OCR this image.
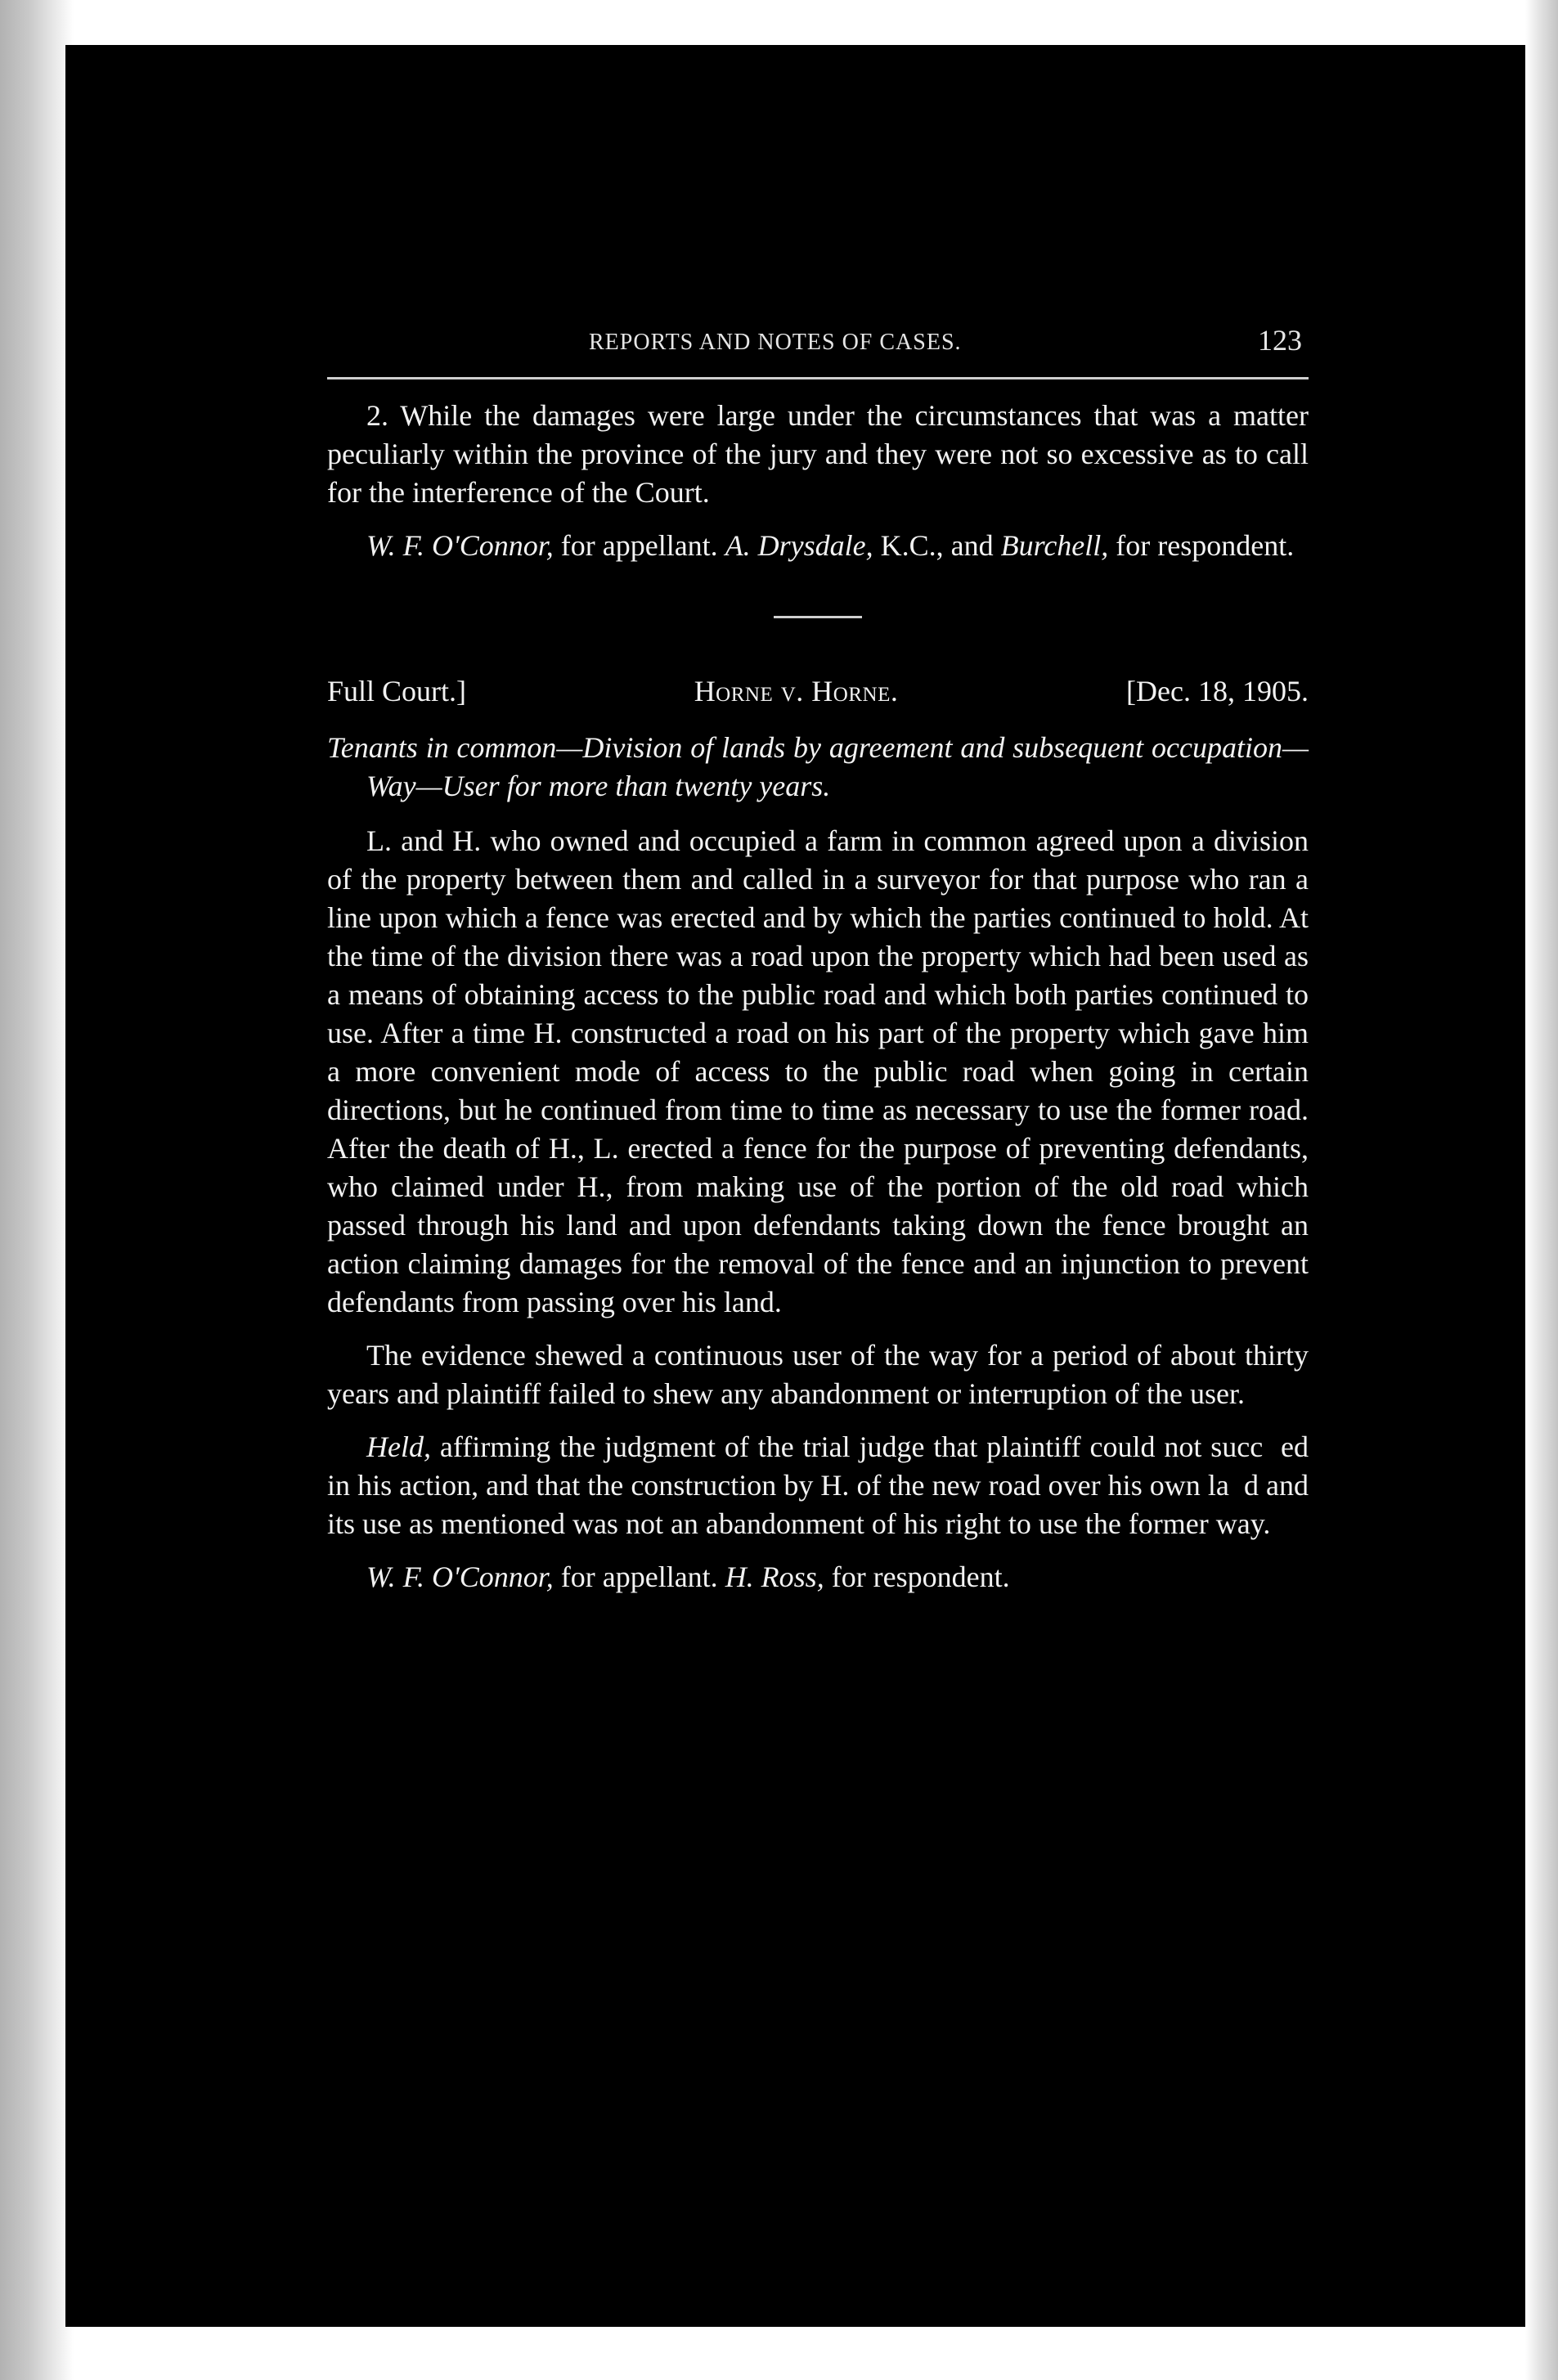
REPORTS AND NOTES OF CASES.	123

2. While the damages were large under the circumstances that was a matter peculiarly within the province of the jury and they were not so excessive as to call for the interference of the Court.

W. F. O'Connor, for appellant. A. Drysdale, K.C., and Burchell, for respondent.

Full Court.]	Horne v. Horne.	[Dec. 18, 1905.

Tenants in common—Division of lands by agreement and subsequent occupation—Way—User for more than twenty years.

L. and H. who owned and occupied a farm in common agreed upon a division of the property between them and called in a surveyor for that purpose who ran a line upon which a fence was erected and by which the parties continued to hold. At the time of the division there was a road upon the property which had been used as a means of obtaining access to the public road and which both parties continued to use. After a time H. constructed a road on his part of the property which gave him a more convenient mode of access to the public road when going in certain directions, but he continued from time to time as necessary to use the former road. After the death of H., L. erected a fence for the purpose of preventing defendants, who claimed under H., from making use of the portion of the old road which passed through his land and upon defendants taking down the fence brought an action claiming damages for the removal of the fence and an injunction to prevent defendants from passing over his land.

The evidence shewed a continuous user of the way for a period of about thirty years and plaintiff failed to shew any abandonment or interruption of the user.

Held, affirming the judgment of the trial judge that plaintiff could not succ  ed in his action, and that the construction by H. of the new road over his own la  d and its use as mentioned was not an abandonment of his right to use the former way.

W. F. O'Connor, for appellant. H. Ross, for respondent.
